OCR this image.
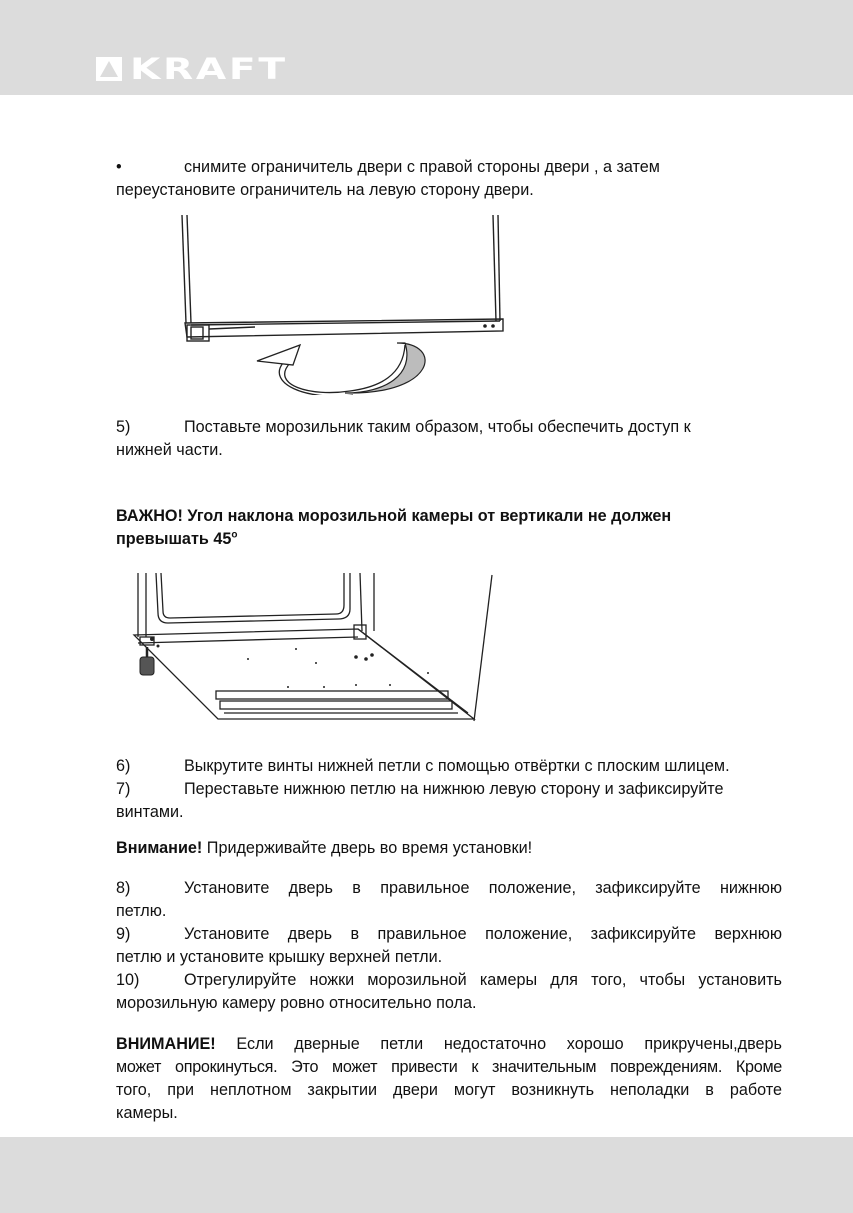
KRAFT
•	снимите ограничитель двери с правой стороны двери , а затем

переустановите ограничитель на левую сторону двери.

5)	Поставьте морозильник таким образом, чтобы обеспечить доступ к

нижней части.

ВАЖНО! Угол наклона морозильной камеры от вертикали не должен

превышать 45$^o$

6)	Выкрутите винты нижней петли с помощью отвёртки с плоским шлицем.
7)	Переставьте нижнюю петлю на нижнюю левую сторону и зафиксируйте

винтами.

Внимание! Придерживайте дверь во время установки!

8)	Установите дверь в правильное положение, зафиксируйте нижнюю

петлю.

9)	Установите дверь в правильное положение, зафиксируйте верхнюю

петлю и установите крышку верхней петли.

10)	Отрегулируйте ножки морозильной камеры для того, чтобы установить

морозильную камеру ровно относительно пола.

ВНИМАНИЕ! Если дверные петли недостаточно хорошо прикручены,дверь

может опрокинуться. Это может привести к значительным повреждениям. Кроме

того, при неплотном закрытии двери могут возникнуть неполадки в работе

камеры.
